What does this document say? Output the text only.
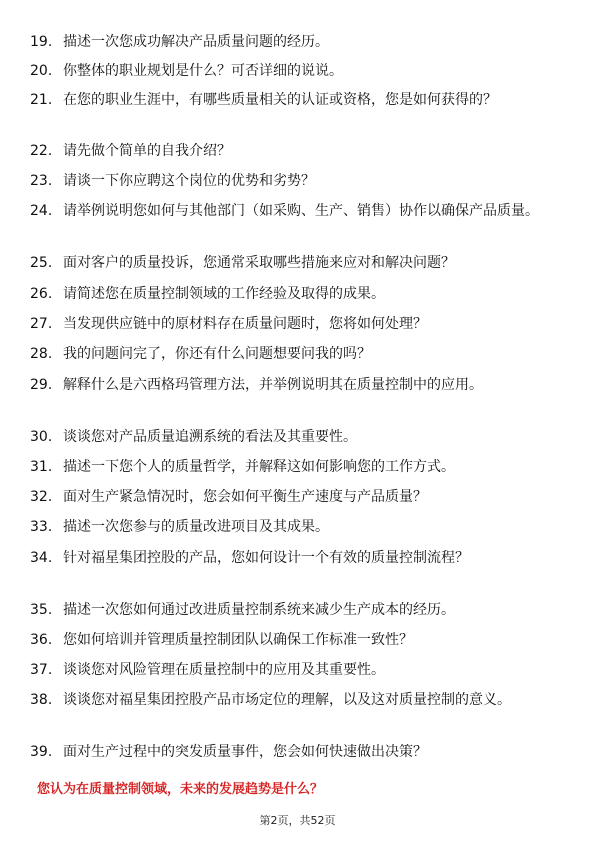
19. 描述一次您成功解决产品质量问题的经历。
20. 你整体的职业规划是什么？可否详细的说说。
21. 在您的职业生涯中，有哪些质量相关的认证或资格，您是如何获得的？
22. 请先做个简单的自我介绍？
23. 请谈一下你应聘这个岗位的优势和劣势？
24. 请举例说明您如何与其他部门（如采购、生产、销售）协作以确保产品质量。
25. 面对客户的质量投诉，您通常采取哪些措施来应对和解决问题？
26. 请简述您在质量控制领域的工作经验及取得的成果。
27. 当发现供应链中的原材料存在质量问题时，您将如何处理？
28. 我的问题问完了，你还有什么问题想要问我的吗？
29. 解释什么是六西格玛管理方法，并举例说明其在质量控制中的应用。
30. 谈谈您对产品质量追溯系统的看法及其重要性。
31. 描述一下您个人的质量哲学，并解释这如何影响您的工作方式。
32. 面对生产紧急情况时，您会如何平衡生产速度与产品质量？
33. 描述一次您参与的质量改进项目及其成果。
34. 针对福星集团控股的产品，您如何设计一个有效的质量控制流程？
35. 描述一次您如何通过改进质量控制系统来减少生产成本的经历。
36. 您如何培训并管理质量控制团队以确保工作标准一致性？
37. 谈谈您对风险管理在质量控制中的应用及其重要性。
38. 谈谈您对福星集团控股产品市场定位的理解，以及这对质量控制的意义。
39. 面对生产过程中的突发质量事件，您会如何快速做出决策？
您认为在质量控制领域，未来的发展趋势是什么？
第2页，共52页
